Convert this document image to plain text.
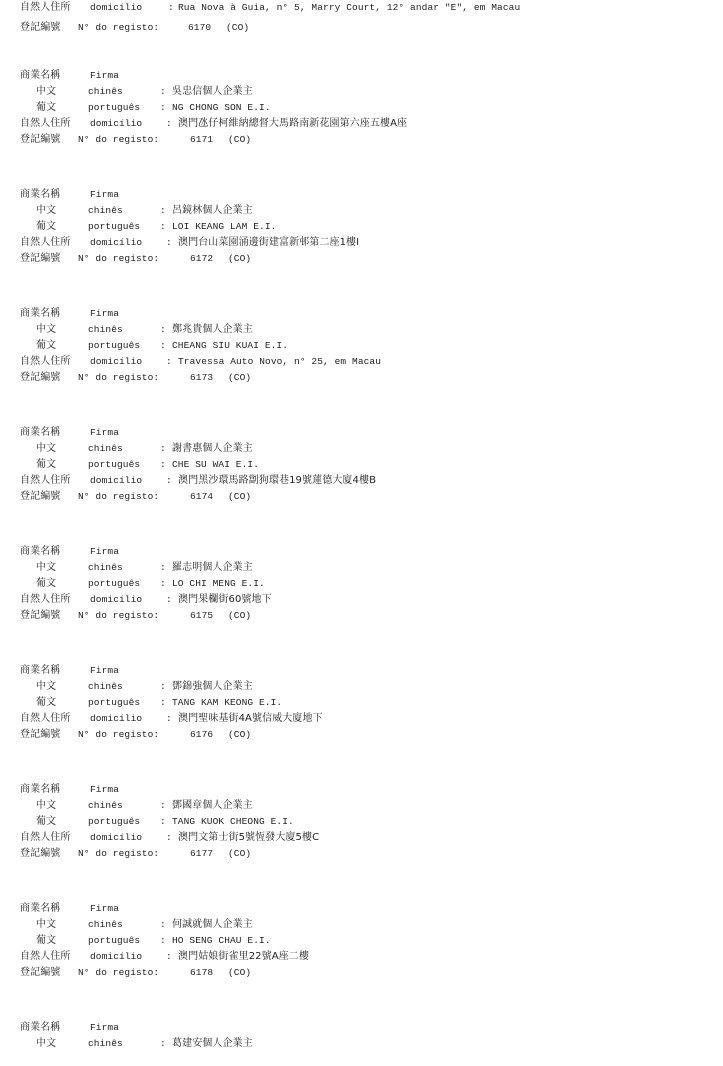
自然人住所 domicílio	: Rua Nova à Guia, n° 5, Marry Court, 12° andar "E", em Macau
登記編號 N° do registo:	6170 (CO)
商業名稱	Firma
中文	chinês	: 吳忠信個人企業主
葡文	português : NG CHONG SON E.I.
自然人住所 domicílio	: 澳門氹仔柯維納總督大馬路南新花園第六座五樓A座
登記編號 N° do registo:	6171 (CO)
商業名稱	Firma
中文	chinês	: 呂鏡林個人企業主
葡文	português : LOI KEANG LAM E.I.
自然人住所 domicílio	: 澳門台山菜園涌邊街建富新邨第二座1樓I
登記編號 N° do registo:	6172 (CO)
商業名稱	Firma
中文	chinês	: 鄭兆貴個人企業主
葡文	português : CHEANG SIU KUAI E.I.
自然人住所 domicílio	: Travessa Auto Novo, n° 25, em Macau
登記編號 N° do registo:	6173 (CO)
商業名稱	Firma
中文	chinês	: 謝書惠個人企業主
葡文	português : CHE SU WAI E.I.
自然人住所 domicílio	: 澳門黑沙環馬路劏狗環巷19號蓮德大廈4樓B
登記編號 N° do registo:	6174 (CO)
商業名稱	Firma
中文	chinês	: 羅志明個人企業主
葡文	português : LO CHI MENG E.I.
自然人住所 domicílio	: 澳門果欄街60號地下
登記編號 N° do registo:	6175 (CO)
商業名稱	Firma
中文	chinês	: 鄧錦強個人企業主
葡文	português : TANG KAM KEONG E.I.
自然人住所 domicílio	: 澳門聖味基街4A號信威大廈地下
登記編號 N° do registo:	6176 (CO)
商業名稱	Firma
中文	chinês	: 鄧國章個人企業主
葡文	português : TANG KUOK CHEONG E.I.
自然人住所 domicílio	: 澳門文第士街5號恆發大廈5樓C
登記編號 N° do registo:	6177 (CO)
商業名稱	Firma
中文	chinês	: 何誠就個人企業主
葡文	português : HO SENG CHAU E.I.
自然人住所 domicílio	: 澳門姑娘街雀里22號A座二樓
登記編號 N° do registo:	6178 (CO)
商業名稱	Firma
中文	chinês	: 葛建安個人企業主
